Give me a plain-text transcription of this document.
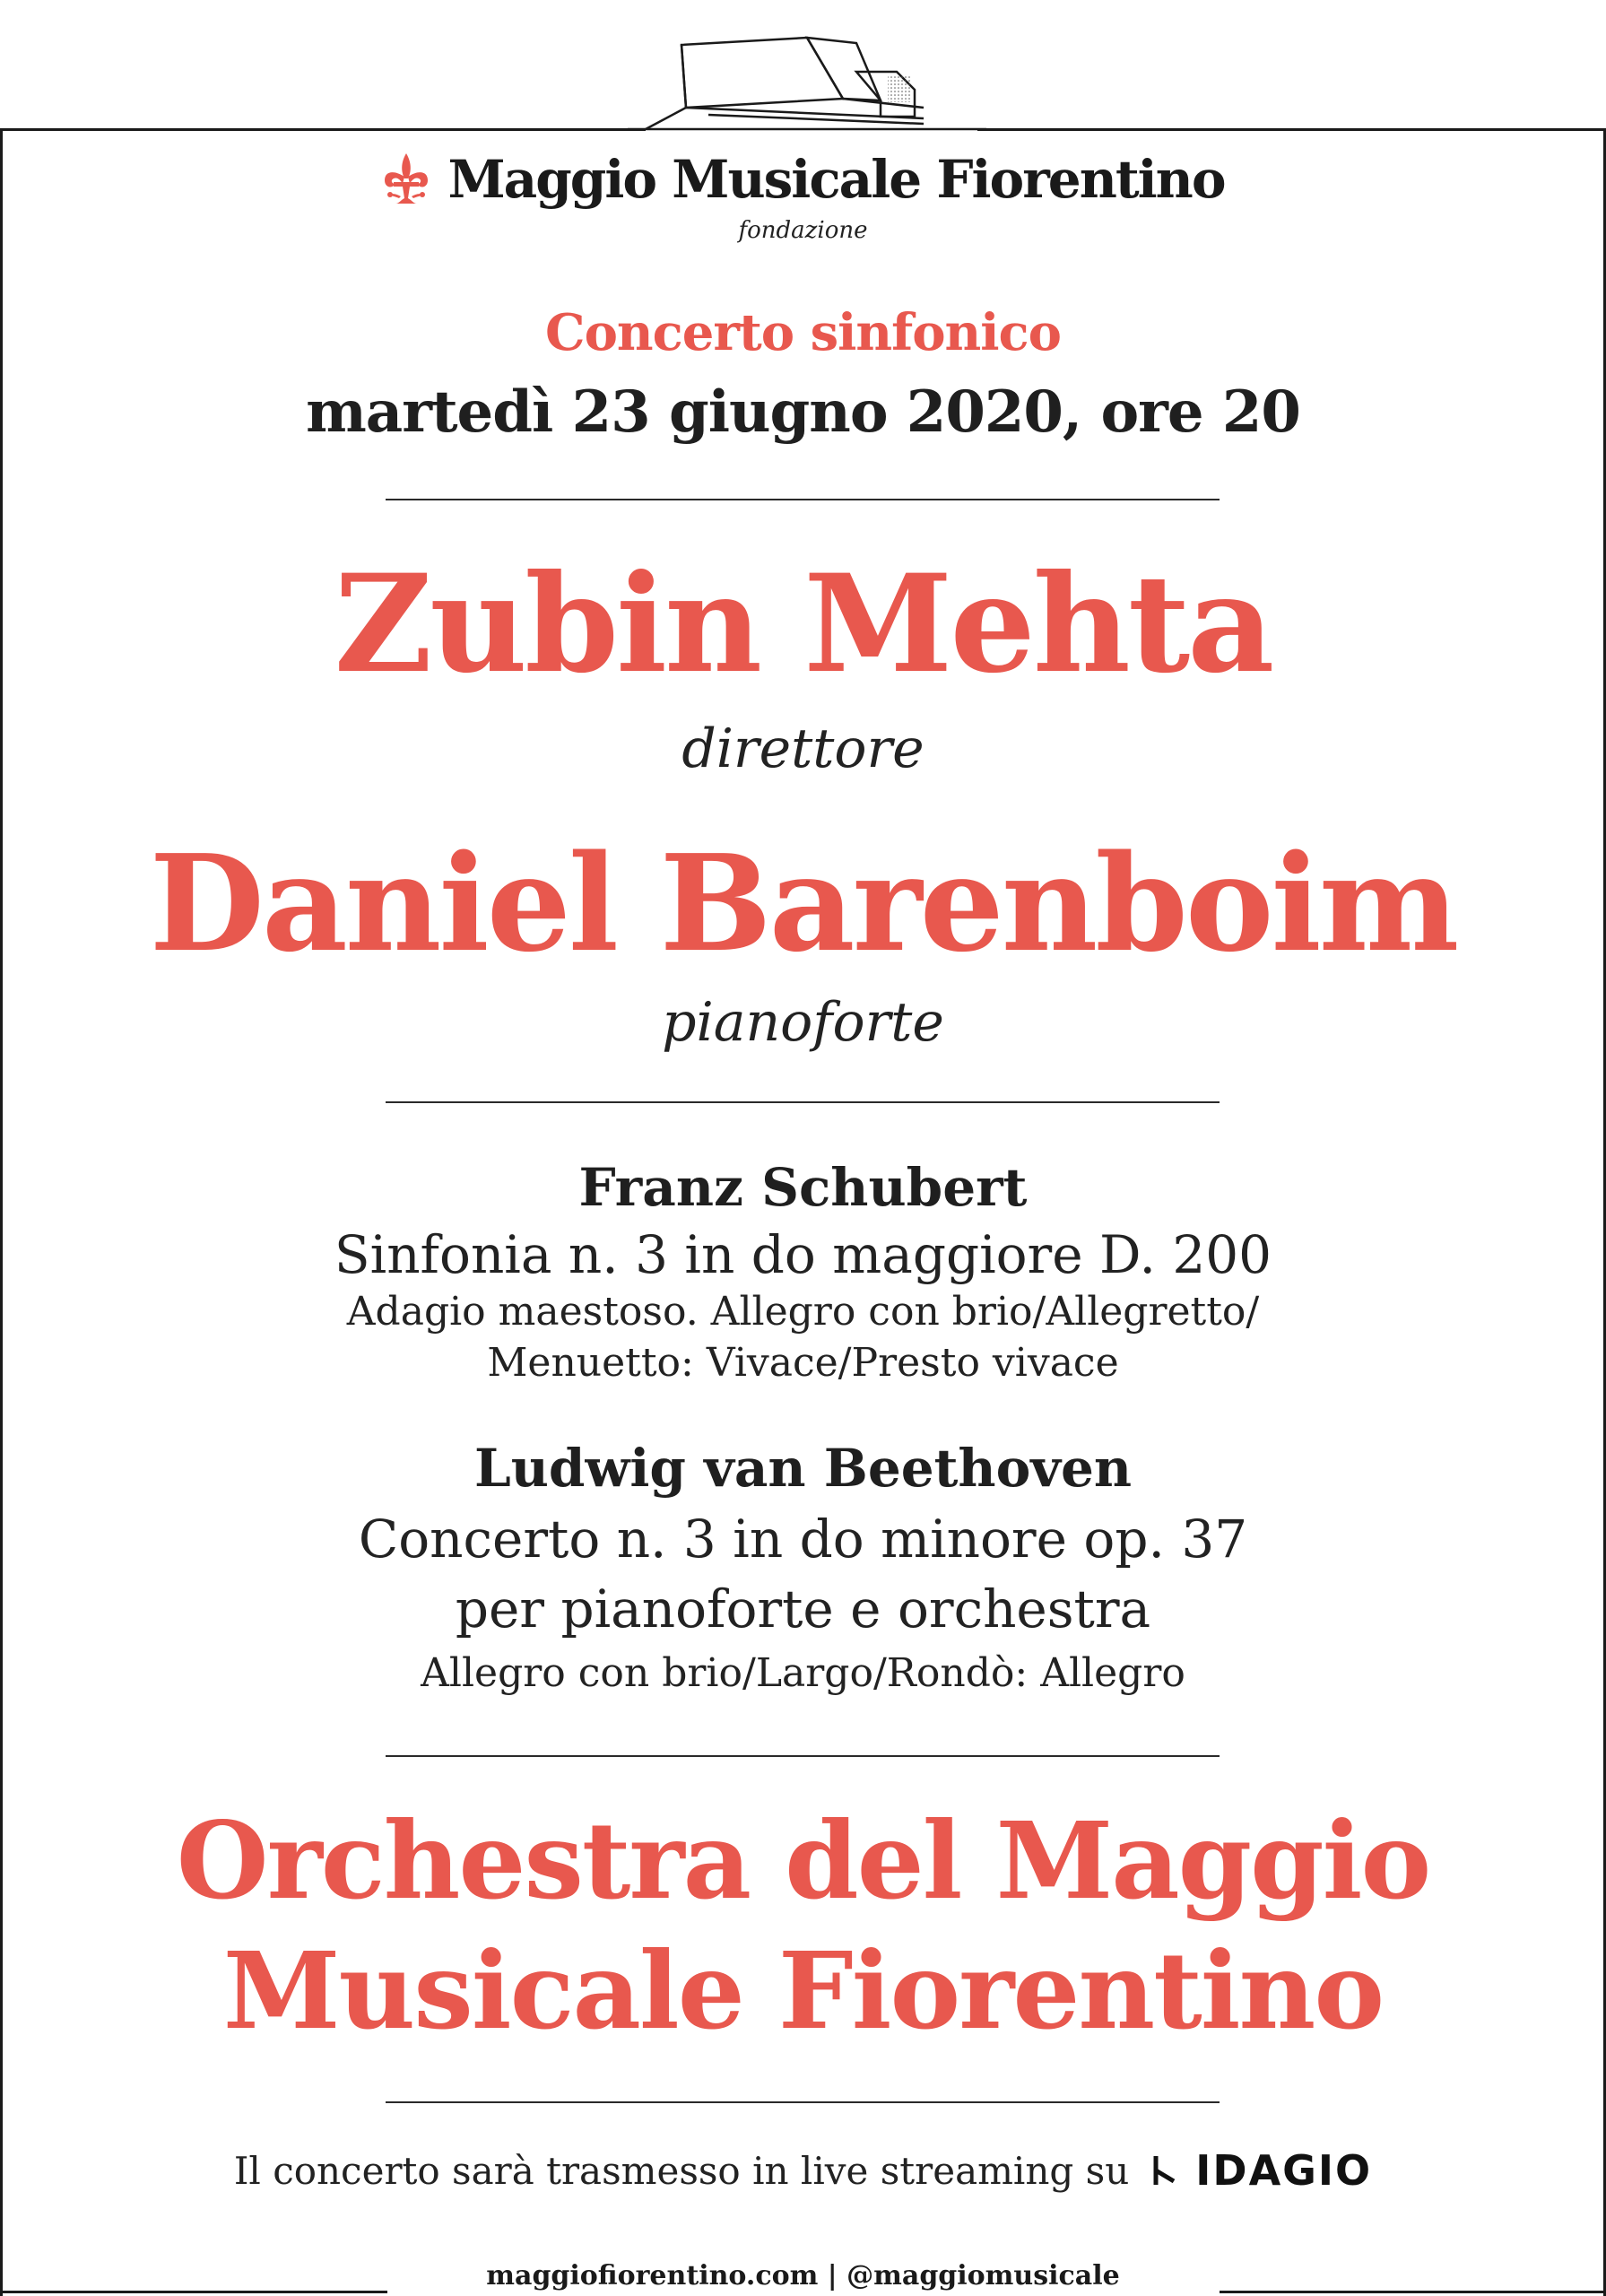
Maggio Musicale Fiorentino
fondazione
Concerto sinfonico
martedì 23 giugno 2020, ore 20
Zubin Mehta
direttore
Daniel Barenboim
pianoforte
Franz Schubert
Sinfonia n. 3 in do maggiore D. 200
Adagio maestoso. Allegro con brio/Allegretto/
Menuetto: Vivace/Presto vivace
Ludwig van Beethoven
Concerto n. 3 in do minore op. 37
per pianoforte e orchestra
Allegro con brio/Largo/Rondò: Allegro
Orchestra del Maggio
Musicale Fiorentino
Il concerto sarà trasmesso in live streaming su IDAGIO
maggiofiorentino.com | @maggiomusicale
